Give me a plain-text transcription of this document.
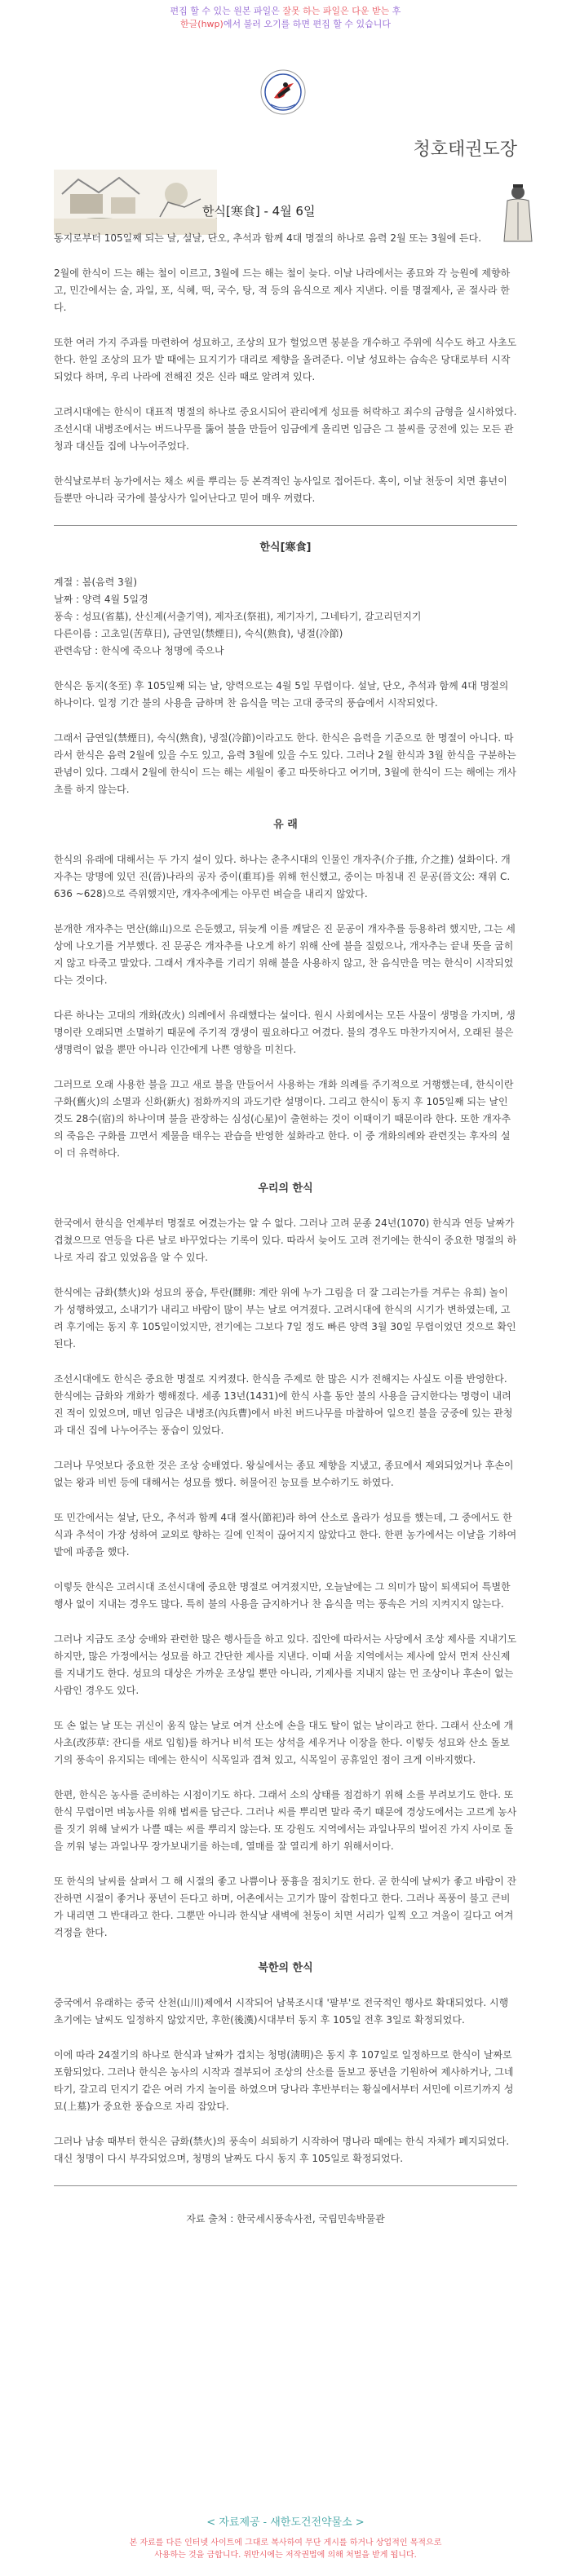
편집 할 수 있는 원본 파일은 잘못 하는 파일은 다운 받는 후
한글(hwp)에서 불러 오기를 하면 편집 할 수 있습니다
청호태권도장
한식[寒食] - 4월 6일

동지로부터 105일째 되는 날, 설날, 단오, 추석과 함께 4대 명절의 하나로 음력 2월 또는 3월에 든다.

2월에 한식이 드는 해는 철이 이르고, 3월에 드는 해는 철이 늦다. 이날 나라에서는 종묘와 각 능원에 제향하고, 민간에서는 술, 과일, 포, 식혜, 떡, 국수, 탕, 적 등의 음식으로 제사 지낸다. 이를 명절제사, 곧 절사라 한다.

또한 여러 가지 주과를 마련하여 성묘하고, 조상의 묘가 헐었으면 봉분을 개수하고 주위에 식수도 하고 사초도 한다. 한일 조상의 묘가 밭 때에는 묘지기가 대리로 제향을 올려준다. 이날 성묘하는 습속은 당대로부터 시작되었다 하며, 우리 나라에 전해진 것은 신라 때로 알려져 있다.

고려시대에는 한식이 대표적 명절의 하나로 중요시되어 관리에게 성묘를 허락하고 죄수의 금형을 실시하였다. 조선시대 내병조에서는 버드나무를 뚫어 불을 만들어 임금에게 올리면 임금은 그 불씨를 궁전에 있는 모든 관청과 대신들 집에 나누어주었다.

한식날로부터 농가에서는 채소 씨를 뿌리는 등 본격적인 농사일로 접어든다. 혹이, 이날 천둥이 치면 흉년이 들뿐만 아니라 국가에 불상사가 일어난다고 믿어 매우 꺼렸다.

한식[寒食]

계절 : 봄(음력 3월)

날짜 : 양력 4월 5일경

풍속 : 성묘(省墓), 산신제(서출기역), 제자조(祭祖), 제기자기, 그네타기, 갈고리던지기

다른이름 : 고초일(苦草日), 금연일(禁煙日), 숙식(熟食), 냉절(冷節)

관련속담 : 한식에 죽으나 청명에 죽으나

한식은 동지(冬至) 후 105일째 되는 날, 양력으로는 4월 5일 무렵이다. 설날, 단오, 추석과 함께 4대 명절의 하나이다. 일정 기간 불의 사용을 금하며 찬 음식을 먹는 고대 중국의 풍습에서 시작되었다.

그래서 금연일(禁煙日), 숙식(熟食), 냉절(冷節)이라고도 한다. 한식은 음력을 기준으로 한 명절이 아니다. 따라서 한식은 음력 2월에 있을 수도 있고, 음력 3월에 있을 수도 있다. 그러나 2월 한식과 3월 한식을 구분하는 관념이 있다. 그래서 2월에 한식이 드는 해는 세월이 좋고 따뜻하다고 여기며, 3월에 한식이 드는 해에는 개사초를 하지 않는다.

유 래

한식의 유래에 대해서는 두 가지 설이 있다. 하나는 춘추시대의 인물인 개자추(介子推, 介之推) 설화이다. 개자추는 망명에 있던 진(晉)나라의 공자 중이(重耳)를 위해 헌신했고, 중이는 마침내 진 문공(晉文公: 재위 C. 636 ~628)으로 즉위했지만, 개자추에게는 아무런 벼슬을 내리지 않았다.

분개한 개자추는 면산(綿山)으로 은둔했고, 뒤늦게 이를 깨달은 진 문공이 개자추를 등용하려 했지만, 그는 세상에 나오기를 거부했다. 진 문공은 개자추를 나오게 하기 위해 산에 불을 질렀으나, 개자추는 끝내 뜻을 굽히지 않고 타죽고 말았다. 그래서 개자추를 기리기 위해 불을 사용하지 않고, 찬 음식만을 먹는 한식이 시작되었다는 것이다.

다른 하나는 고대의 개화(改火) 의례에서 유래했다는 설이다. 원시 사회에서는 모든 사물이 생명을 가지며, 생명이란 오래되면 소멸하기 때문에 주기적 갱생이 필요하다고 여겼다. 불의 경우도 마찬가지여서, 오래된 불은 생명력이 없을 뿐만 아니라 인간에게 나쁜 영향을 미친다.

그러므로 오래 사용한 불을 끄고 새로 불을 만들어서 사용하는 개화 의례를 주기적으로 거행했는데, 한식이란 구화(舊火)의 소멸과 신화(新火) 점화까지의 과도기란 설명이다. 그리고 한식이 동지 후 105일째 되는 날인 것도 28수(宿)의 하나이며 불을 관장하는 심성(心星)이 출현하는 것이 이때이기 때문이라 한다. 또한 개자추의 죽음은 구화를 끄면서 제물을 태우는 관습을 반영한 설화라고 한다. 이 중 개화의례와 관련짓는 후자의 설이 더 유력하다.

우리의 한식

한국에서 한식을 언제부터 명절로 여겼는가는 알 수 없다. 그러나 고려 문종 24년(1070) 한식과 연등 날짜가 겹쳤으므로 연등을 다른 날로 바꾸었다는 기록이 있다. 따라서 늦어도 고려 전기에는 한식이 중요한 명절의 하나로 자리 잡고 있었음을 알 수 있다.

한식에는 금화(禁火)와 성묘의 풍습, 투란(鬪卵: 계란 위에 누가 그림을 더 잘 그리는가를 겨루는 유희) 놀이가 성행하였고, 소내기가 내리고 바람이 많이 부는 날로 여겨졌다. 고려시대에 한식의 시기가 변하였는데, 고려 후기에는 동지 후 105일이었지만, 전기에는 그보다 7일 정도 빠른 양력 3월 30일 무렵이었던 것으로 확인된다.

조선시대에도 한식은 중요한 명절로 지켜졌다. 한식을 주제로 한 많은 시가 전해지는 사실도 이를 반영한다. 한식에는 금화와 개화가 행해졌다. 세종 13년(1431)에 한식 사흘 동안 불의 사용을 금지한다는 명령이 내려진 적이 있었으며, 매년 임금은 내병조(內兵曹)에서 바친 버드나무를 마찰하여 일으킨 불을 궁중에 있는 관청과 대신 집에 나누어주는 풍습이 있었다.

그러나 무엇보다 중요한 것은 조상 숭배였다. 왕실에서는 종묘 제향을 지냈고, 종묘에서 제외되었거나 후손이 없는 왕과 비빈 등에 대해서는 성묘를 했다. 허물어진 능묘를 보수하기도 하였다.

또 민간에서는 설날, 단오, 추석과 함께 4대 절사(節祀)라 하여 산소로 올라가 성묘를 했는데, 그 중에서도 한식과 추석이 가장 성하여 교외로 향하는 길에 인적이 끊어지지 않았다고 한다. 한편 농가에서는 이날을 기하여 밭에 파종을 했다.

이렇듯 한식은 고려시대 조선시대에 중요한 명절로 여겨졌지만, 오늘날에는 그 의미가 많이 퇴색되어 특별한 행사 없이 지내는 경우도 많다. 특히 불의 사용을 금지하거나 찬 음식을 먹는 풍속은 거의 지켜지지 않는다.

그러나 지금도 조상 숭배와 관련한 많은 행사들을 하고 있다. 집안에 따라서는 사당에서 조상 제사를 지내기도 하지만, 많은 가정에서는 성묘를 하고 간단한 제사를 지낸다. 이때 서울 지역에서는 제사에 앞서 먼저 산신제를 지내기도 한다. 성묘의 대상은 가까운 조상일 뿐만 아니라, 기제사를 지내지 않는 먼 조상이나 후손이 없는 사람인 경우도 있다.

또 손 없는 날 또는 귀신이 움직 않는 날로 여겨 산소에 손을 대도 탈이 없는 날이라고 한다. 그래서 산소에 개사초(改莎草: 잔디를 새로 입힘)를 하거나 비석 또는 상석을 세우거나 이장을 한다. 이렇듯 성묘와 산소 돌보기의 풍속이 유지되는 데에는 한식이 식목일과 겹쳐 있고, 식목일이 공휴일인 점이 크게 이바지했다.

한편, 한식은 농사를 준비하는 시점이기도 하다. 그래서 소의 상태를 점검하기 위해 소를 부려보기도 한다. 또 한식 무렵이면 벼농사를 위해 볍씨를 담근다. 그러나 씨를 뿌리면 말라 죽기 때문에 경상도에서는 고르게 농사를 짓기 위해 날씨가 나쁠 때는 씨를 뿌리지 않는다. 또 강원도 지역에서는 과일나무의 벌어진 가지 사이로 돌을 끼워 넣는 과일나무 장가보내기를 하는데, 열매를 잘 열리게 하기 위해서이다.

또 한식의 날씨를 살펴서 그 해 시절의 좋고 나쁨이나 풍흉을 점치기도 한다. 곧 한식에 날씨가 좋고 바람이 잔잔하면 시절이 좋거나 풍년이 든다고 하며, 어촌에서는 고기가 많이 잡힌다고 한다. 그러나 폭풍이 불고 큰비가 내리면 그 반대라고 한다. 그뿐만 아니라 한식날 새벽에 천둥이 치면 서리가 일찍 오고 겨울이 길다고 여겨 걱정을 한다.

북한의 한식

중국에서 유래하는 중국 산천(山川)제에서 시작되어 남북조시대 '팔부'로 전국적인 행사로 확대되었다. 시행 초기에는 날씨도 일정하지 않았지만, 후한(後漢)시대부터 동지 후 105일 전후 3일로 확정되었다.

이에 따라 24절기의 하나로 한식과 날짜가 겹치는 청명(淸明)은 동지 후 107일로 일정하므로 한식이 날짜로 포함되었다. 그러나 한식은 농사의 시작과 결부되어 조상의 산소를 돌보고 풍년을 기원하여 제사하거나, 그네타기, 갈고리 던지기 같은 여러 가지 놀이를 하였으며 당나라 후반부터는 황실에서부터 서민에 이르기까지 성묘(上墓)가 중요한 풍습으로 자리 잡았다.

그러나 남송 때부터 한식은 금화(禁火)의 풍속이 쇠퇴하기 시작하여 명나라 때에는 한식 자체가 폐지되었다. 대신 청명이 다시 부각되었으며, 청명의 날짜도 다시 동지 후 105일로 확정되었다.

자료 출처 : 한국세시풍속사전, 국립민속박물관
< 자료제공 - 새한도건전약물소 >
본 자료를 다른 인터넷 사이트에 그대로 복사하여 무단 게시를 하거나 상업적인 목적으로
사용하는 것을 금합니다. 위반시에는 저작권법에 의해 처벌을 받게 됩니다.
